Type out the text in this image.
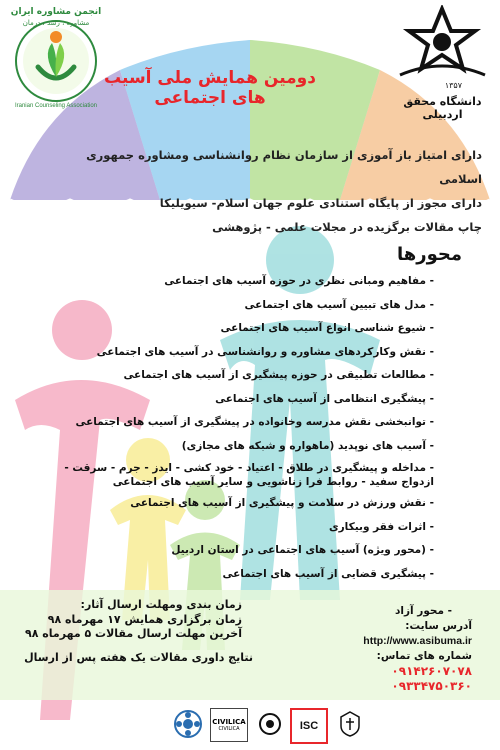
انجمن مشاوره ایران
مشاوره ، رشد ، درمان
Iranian Counseling Association
۱۳۵۷
دانشگاه محقق اردبیلی
دومین همایش ملی آسیب های اجتماعی
دارای امتیاز باز آموزی از سازمان نظام روانشناسی ومشاوره جمهوری اسلامی
دارای مجوز از پایگاه استنادی علوم جهان اسلام- سیویلیکا
چاپ مقالات برگزیده در مجلات علمی - پژوهشی
محورها
- مفاهیم ومبانی نظری در حوزه آسیب های اجتماعی
- مدل های تبیین آسیب های اجتماعی
- شیوع شناسی انواع آسیب های اجتماعی
- نقش وکارکردهای مشاوره و روانشناسی در آسیب های اجتماعی
- مطالعات تطبیقی در حوزه پیشگیری از آسیب های اجتماعی
- پیشگیری انتظامی از آسیب های اجتماعی
- توانبخشی نقش مدرسه وخانواده در پیشگیری از آسیب های اجتماعی
- آسیب های نوپدید (ماهواره و شبکه های مجازی)
- مداخله و پیشگیری در طلاق - اعتیاد - خود کشی - ایدز - جرم - سرقت - ازدواج سفید - روابط فرا زناشویی و سایر آسیب های اجتماعی
- نقش ورزش در سلامت و پیشگیری از آسیب های اجتماعی
- اثرات فقر وبیکاری
- (محور ویژه) آسیب های اجتماعی در استان اردبیل
- پیشگیری قضایی از آسیب های اجتماعی
زمان بندی ومهلت ارسال آثار:
زمان برگزاری همایش ۱۷ مهرماه ۹۸
آخرین مهلت ارسال مقالات ۵ مهرماه ۹۸
نتایج داوری مقالات یک هفته پس از ارسال
- محور آزاد
آدرس سایت:
http://www.asibuma.ir
شماره های تماس:
۰۹۱۴۲۶۰۷۰۷۸
۰۹۳۳۴۷۵۰۳۶۰
CIVILICA
CIVILICA	ISC
